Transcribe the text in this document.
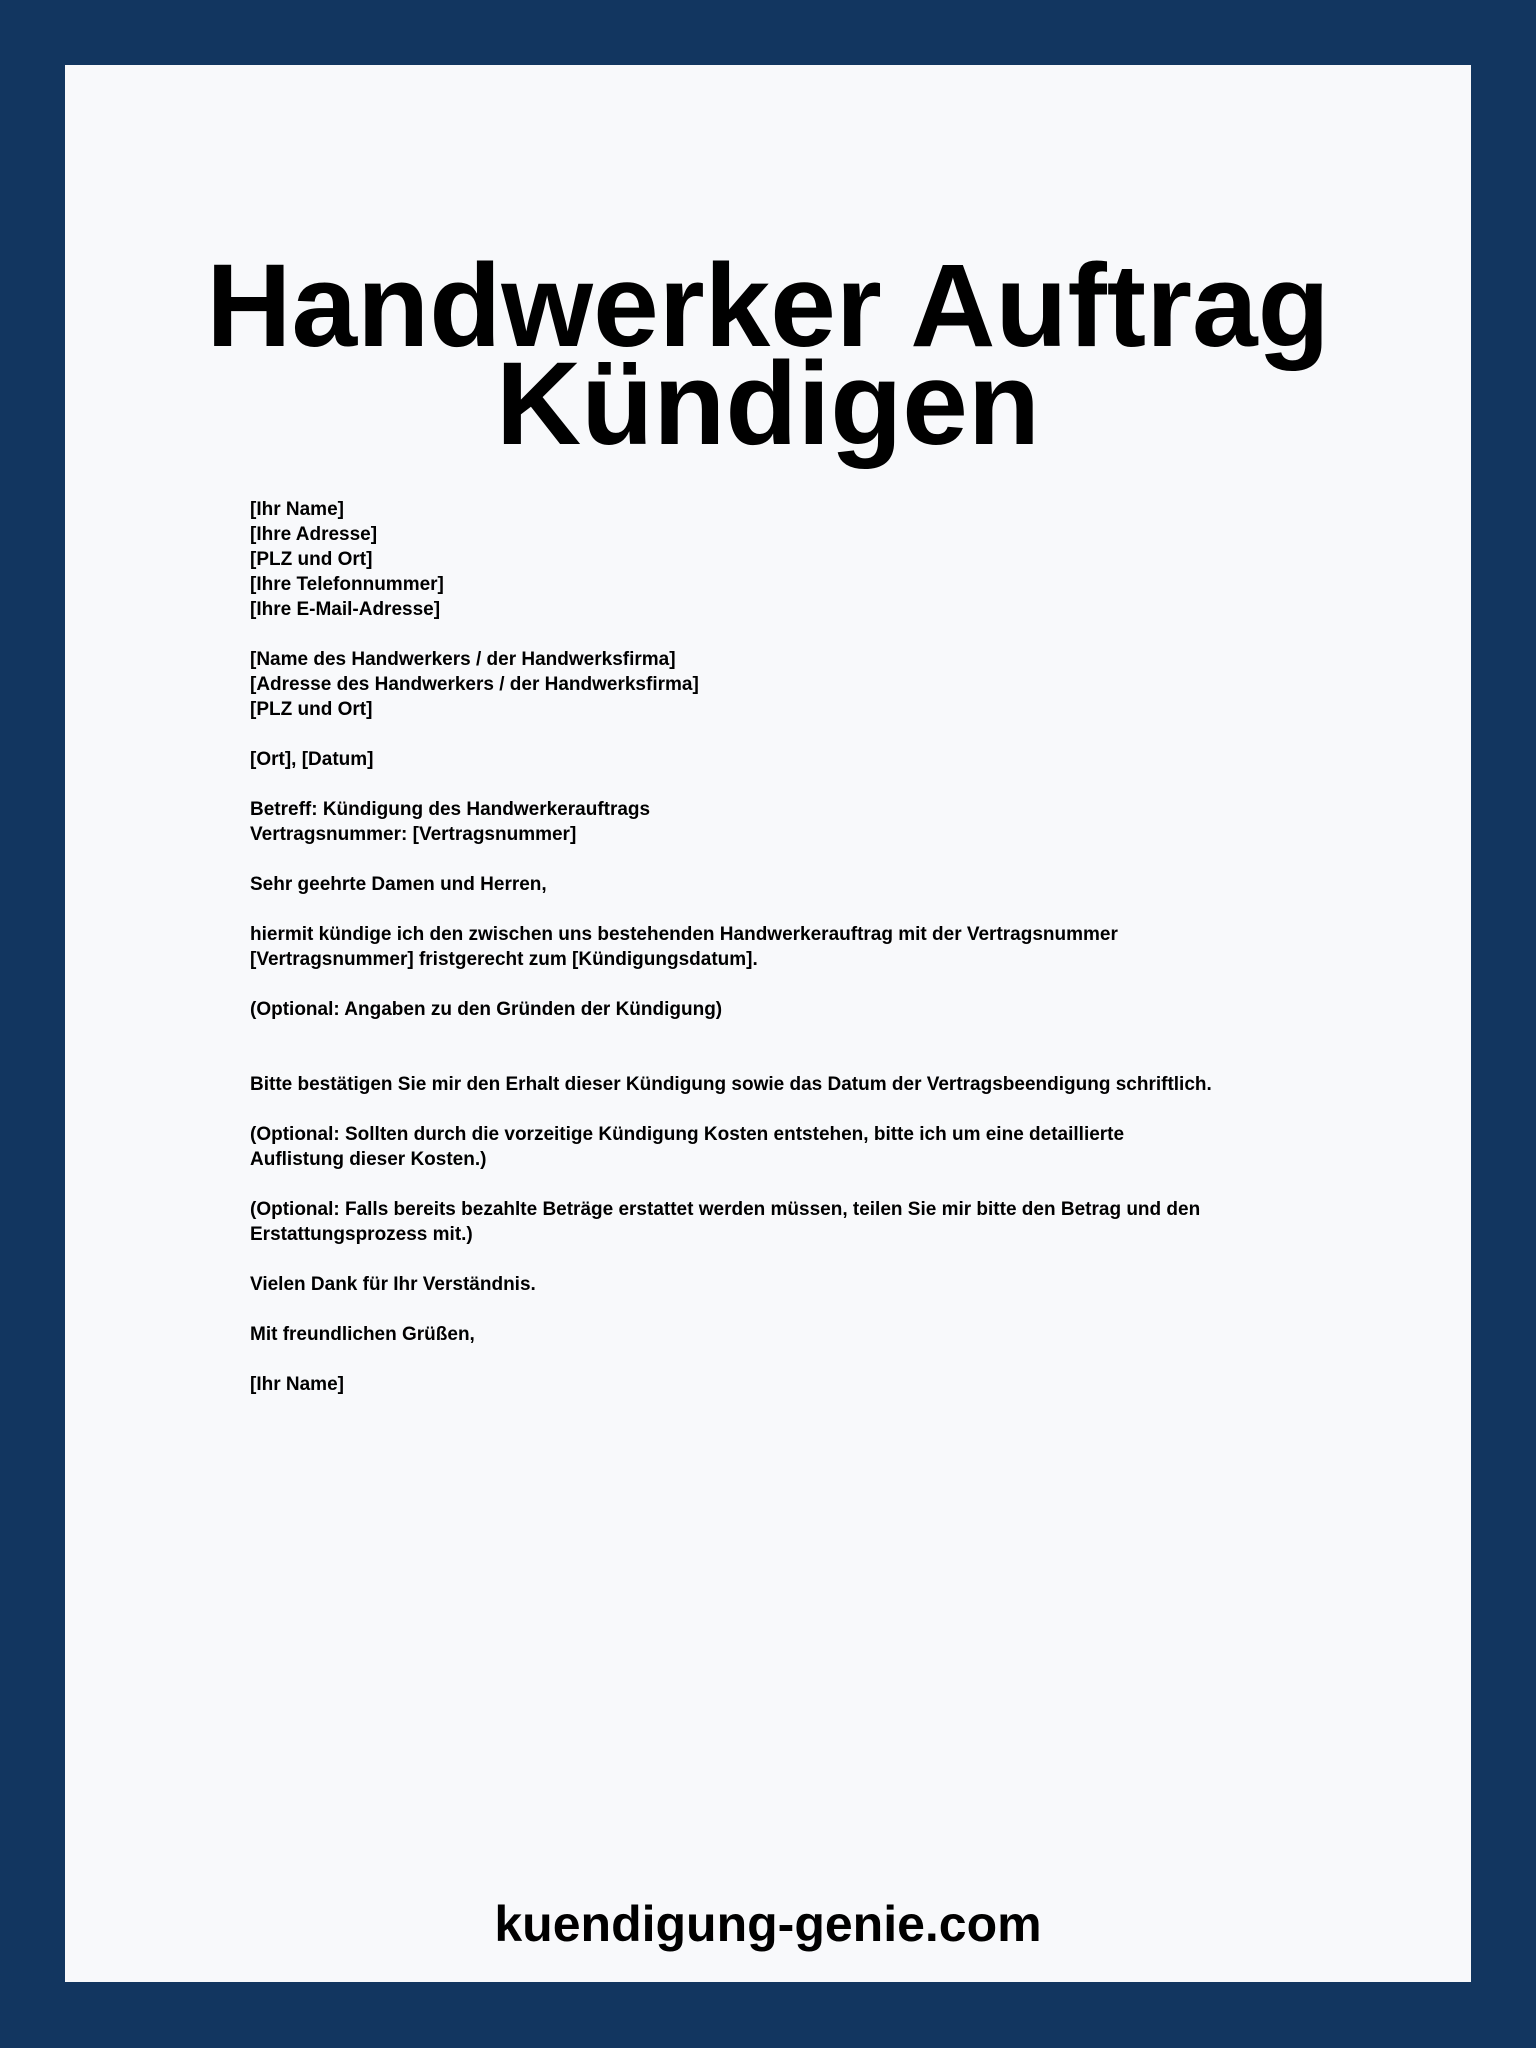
Handwerker Auftrag
Kündigen
[Ihr Name]
[Ihre Adresse]
[PLZ und Ort]
[Ihre Telefonnummer]
[Ihre E-Mail-Adresse]
[Name des Handwerkers / der Handwerksfirma]
[Adresse des Handwerkers / der Handwerksfirma]
[PLZ und Ort]
[Ort], [Datum]
Betreff: Kündigung des Handwerkerauftrags
Vertragsnummer: [Vertragsnummer]
Sehr geehrte Damen und Herren,
hiermit kündige ich den zwischen uns bestehenden Handwerkerauftrag mit der Vertragsnummer
[Vertragsnummer] fristgerecht zum [Kündigungsdatum].
(Optional: Angaben zu den Gründen der Kündigung)
Bitte bestätigen Sie mir den Erhalt dieser Kündigung sowie das Datum der Vertragsbeendigung schriftlich.
(Optional: Sollten durch die vorzeitige Kündigung Kosten entstehen, bitte ich um eine detaillierte
Auflistung dieser Kosten.)
(Optional: Falls bereits bezahlte Beträge erstattet werden müssen, teilen Sie mir bitte den Betrag und den
Erstattungsprozess mit.)
Vielen Dank für Ihr Verständnis.
Mit freundlichen Grüßen,
[Ihr Name]
kuendigung-genie.com
